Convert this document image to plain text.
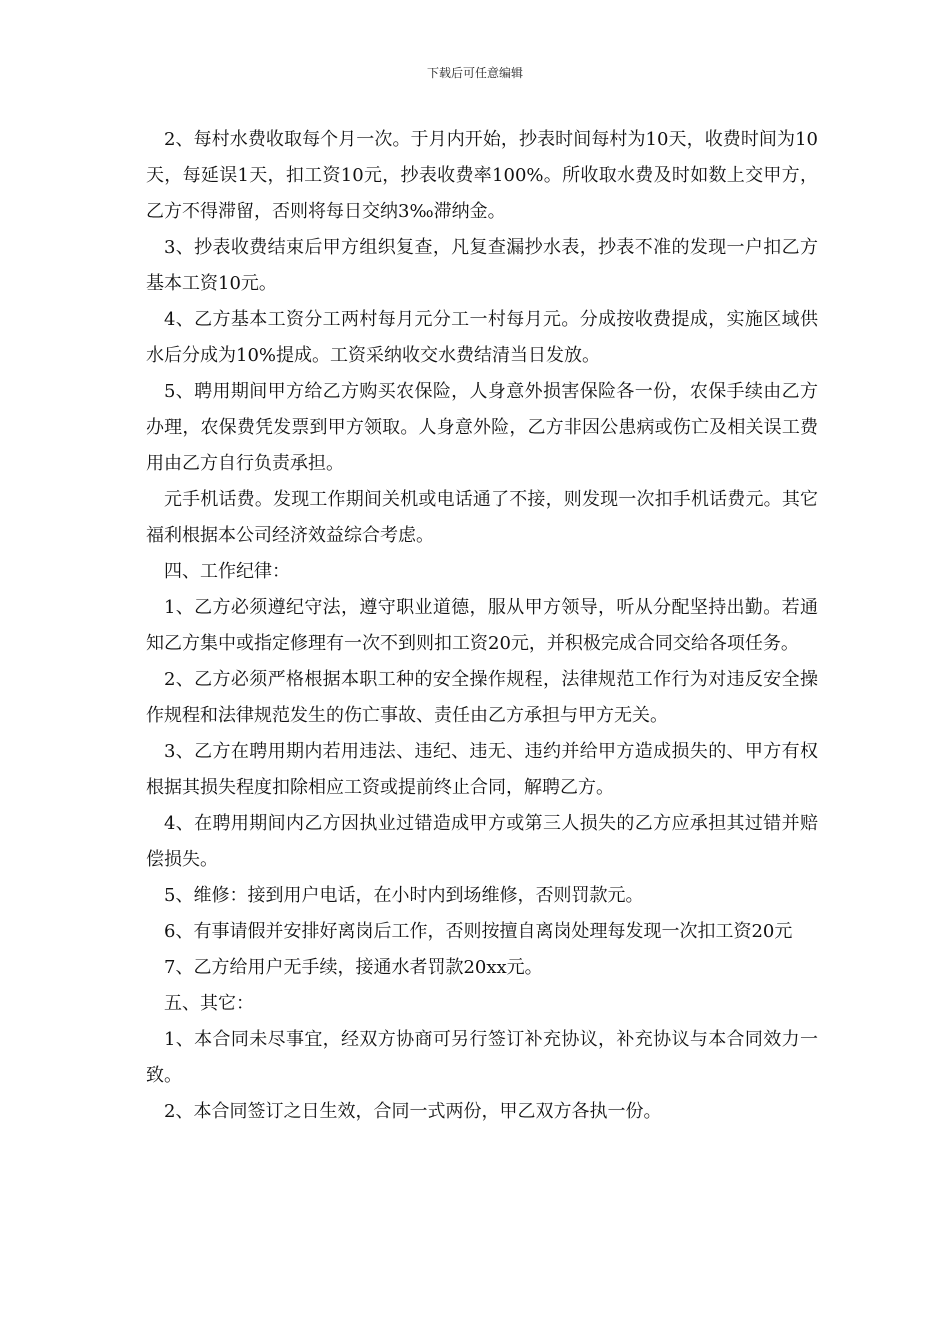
下载后可任意编辑

2、每村水费收取每个月一次。于月内开始，抄表时间每村为10天，收费时间为10天，每延误1天，扣工资10元，抄表收费率100%。所收取水费及时如数上交甲方，乙方不得滞留，否则将每日交纳3‰滞纳金。

3、抄表收费结束后甲方组织复查，凡复查漏抄水表，抄表不准的发现一户扣乙方基本工资10元。

4、乙方基本工资分工两村每月元分工一村每月元。分成按收费提成，实施区域供水后分成为10%提成。工资采纳收交水费结清当日发放。

5、聘用期间甲方给乙方购买农保险，人身意外损害保险各一份，农保手续由乙方办理，农保费凭发票到甲方领取。人身意外险，乙方非因公患病或伤亡及相关误工费用由乙方自行负责承担。

元手机话费。发现工作期间关机或电话通了不接，则发现一次扣手机话费元。其它福利根据本公司经济效益综合考虑。

四、工作纪律：

1、乙方必须遵纪守法，遵守职业道德，服从甲方领导，听从分配坚持出勤。若通知乙方集中或指定修理有一次不到则扣工资20元，并积极完成合同交给各项任务。

2、乙方必须严格根据本职工种的安全操作规程，法律规范工作行为对违反安全操作规程和法律规范发生的伤亡事故、责任由乙方承担与甲方无关。

3、乙方在聘用期内若用违法、违纪、违无、违约并给甲方造成损失的、甲方有权根据其损失程度扣除相应工资或提前终止合同，解聘乙方。

4、在聘用期间内乙方因执业过错造成甲方或第三人损失的乙方应承担其过错并赔偿损失。

5、维修：接到用户电话，在小时内到场维修，否则罚款元。

6、有事请假并安排好离岗后工作，否则按擅自离岗处理每发现一次扣工资20元

7、乙方给用户无手续，接通水者罚款20xx元。

五、其它：

1、本合同未尽事宜，经双方协商可另行签订补充协议，补充协议与本合同效力一致。

2、本合同签订之日生效，合同一式两份，甲乙双方各执一份。
